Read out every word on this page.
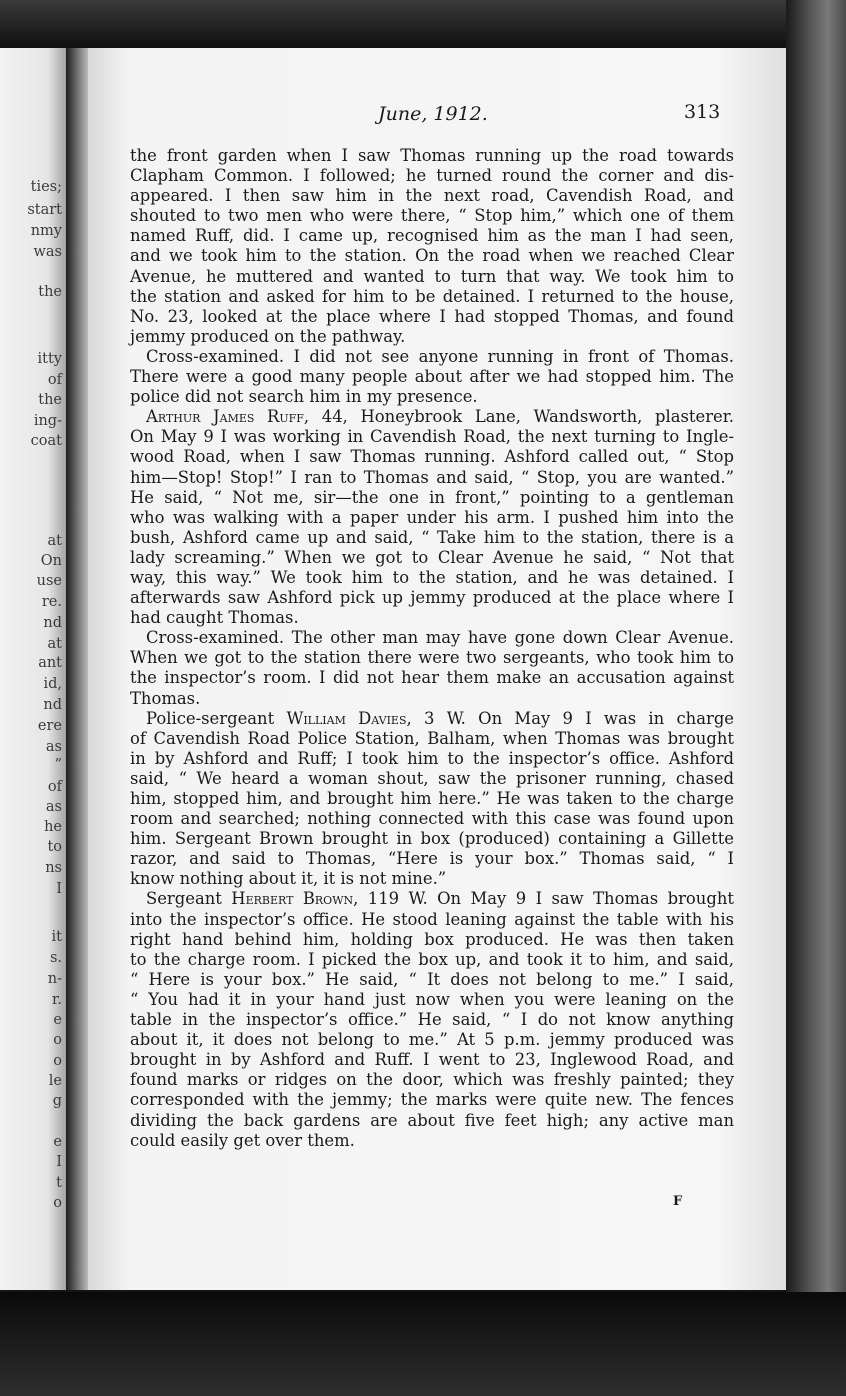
ties;
start
nmy
was
the
itty
of
the
ing-
coat
at
On
use
re.
nd
at
ant
id,
nd
ere
as
”
of
as
he
to
ns
I
it
s.
n-
r.
e
o
o
le
g
e
I
t
o
June, 1912.	313
the front garden when I saw Thomas running up the road towards
Clapham Common. I followed; he turned round the corner and dis-
appeared. I then saw him in the next road, Cavendish Road, and
shouted to two men who were there, “ Stop him,” which one of them
named Ruff, did. I came up, recognised him as the man I had seen,
and we took him to the station. On the road when we reached Clear
Avenue, he muttered and wanted to turn that way. We took him to
the station and asked for him to be detained. I returned to the house,
No. 23, looked at the place where I had stopped Thomas, and found
jemmy produced on the pathway.
Cross-examined. I did not see anyone running in front of Thomas.
There were a good many people about after we had stopped him. The
police did not search him in my presence.
Arthur James Ruff, 44, Honeybrook Lane, Wandsworth, plasterer.
On May 9 I was working in Cavendish Road, the next turning to Ingle-
wood Road, when I saw Thomas running. Ashford called out, “ Stop
him—Stop! Stop!” I ran to Thomas and said, “ Stop, you are wanted.”
He said, “ Not me, sir—the one in front,” pointing to a gentleman
who was walking with a paper under his arm. I pushed him into the
bush, Ashford came up and said, “ Take him to the station, there is a
lady screaming.” When we got to Clear Avenue he said, “ Not that
way, this way.” We took him to the station, and he was detained. I
afterwards saw Ashford pick up jemmy produced at the place where I
had caught Thomas.
Cross-examined. The other man may have gone down Clear Avenue.
When we got to the station there were two sergeants, who took him to
the inspector’s room. I did not hear them make an accusation against
Thomas.
Police-sergeant William Davies, 3 W. On May 9 I was in charge
of Cavendish Road Police Station, Balham, when Thomas was brought
in by Ashford and Ruff; I took him to the inspector’s office. Ashford
said, “ We heard a woman shout, saw the prisoner running, chased
him, stopped him, and brought him here.” He was taken to the charge
room and searched; nothing connected with this case was found upon
him. Sergeant Brown brought in box (produced) containing a Gillette
razor, and said to Thomas, “Here is your box.” Thomas said, “ I
know nothing about it, it is not mine.”
Sergeant Herbert Brown, 119 W. On May 9 I saw Thomas brought
into the inspector’s office. He stood leaning against the table with his
right hand behind him, holding box produced. He was then taken
to the charge room. I picked the box up, and took it to him, and said,
“ Here is your box.” He said, “ It does not belong to me.” I said,
“ You had it in your hand just now when you were leaning on the
table in the inspector’s office.” He said, “ I do not know anything
about it, it does not belong to me.” At 5 p.m. jemmy produced was
brought in by Ashford and Ruff. I went to 23, Inglewood Road, and
found marks or ridges on the door, which was freshly painted; they
corresponded with the jemmy; the marks were quite new. The fences
dividing the back gardens are about five feet high; any active man
could easily get over them.
F
